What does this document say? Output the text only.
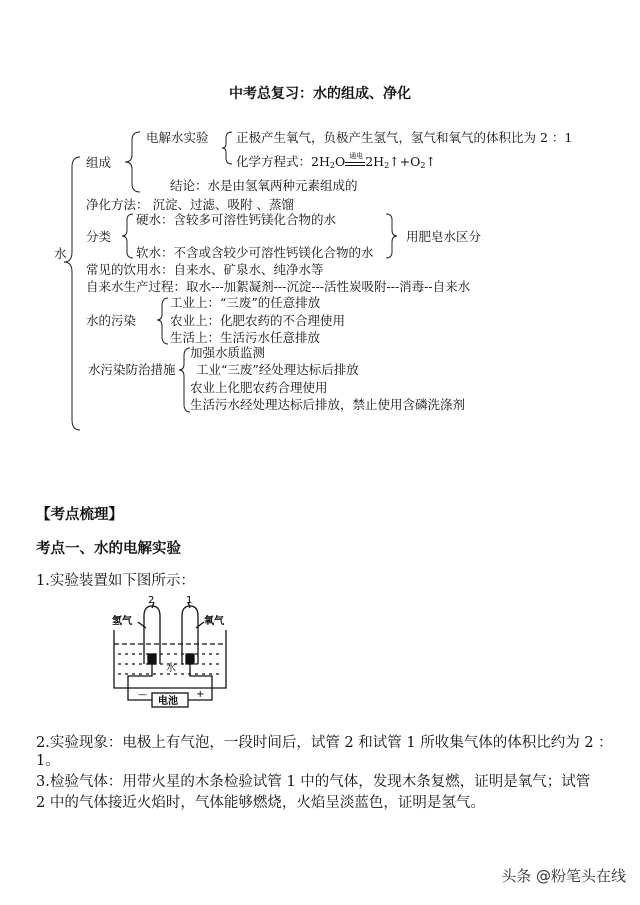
中考总复习：水的组成、净化
水
组成
电解水实验 正极产生氧气，负极产生氢气，氢气和氧气的体积比为 2 ：1
化学方程式：$2H_2O$ 通电 $2H_2↑+O_2↑$
结论：水是由氢氧两种元素组成的
净化方法： 沉淀、过滤、吸附 、蒸馏
分类
硬水：含较多可溶性钙镁化合物的水
软水：不含或含较少可溶性钙镁化合物的水
用肥皂水区分
常见的饮用水：自来水、矿泉水、纯净水等
自来水生产过程：取水---加絮凝剂---沉淀---活性炭吸附---消毒--自来水
水的污染
工业上：“三废”的任意排放
农业上：化肥农药的不合理使用
生活上：生活污水任意排放
水污染防治措施
加强水质监测
工业“三废”经处理达标后排放
农业上化肥农药合理使用
生活污水经处理达标后排放，禁止使用含磷洗涤剂
【考点梳理】
考点一、水的电解实验
1.实验装置如下图所示：
2	1
氢气	氧气
水
电池
—	+
2.实验现象：电极上有气泡，一段时间后，试管 2 和试管 1 所收集气体的体积比约为 2 ：
1。
3.检验气体：用带火星的木条检验试管 1 中的气体，发现木条复燃，证明是氧气；试管
2 中的气体接近火焰时，气体能够燃烧，火焰呈淡蓝色，证明是氢气。
头条 @粉笔头在线
